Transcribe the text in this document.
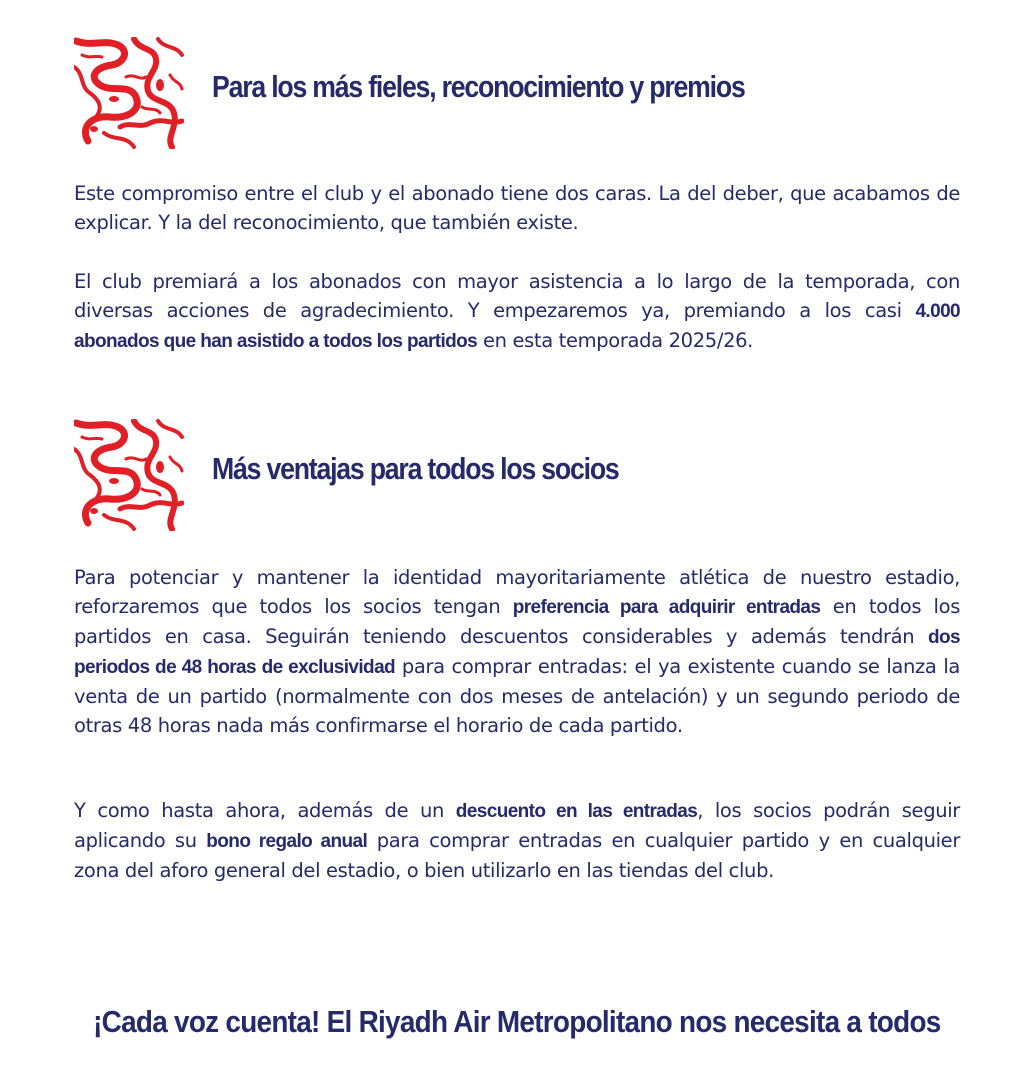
Para los más fieles, reconocimiento y premios

Este compromiso entre el club y el abonado tiene dos caras. La del deber, que acabamos de explicar. Y la del reconocimiento, que también existe.

El club premiará a los abonados con mayor asistencia a lo largo de la temporada, con diversas acciones de agradecimiento. Y empezaremos ya, premiando a los casi 4.000 abonados que han asistido a todos los partidos en esta temporada 2025/26.

Más ventajas para todos los socios

Para potenciar y mantener la identidad mayoritariamente atlética de nuestro estadio, reforzaremos que todos los socios tengan preferencia para adquirir entradas en todos los partidos en casa. Seguirán teniendo descuentos considerables y además tendrán dos periodos de 48 horas de exclusividad para comprar entradas: el ya existente cuando se lanza la venta de un partido (normalmente con dos meses de antelación) y un segundo periodo de otras 48 horas nada más confirmarse el horario de cada partido.

Y como hasta ahora, además de un descuento en las entradas, los socios podrán seguir aplicando su bono regalo anual para comprar entradas en cualquier partido y en cualquier zona del aforo general del estadio, o bien utilizarlo en las tiendas del club.

¡Cada voz cuenta! El Riyadh Air Metropolitano nos necesita a todos
